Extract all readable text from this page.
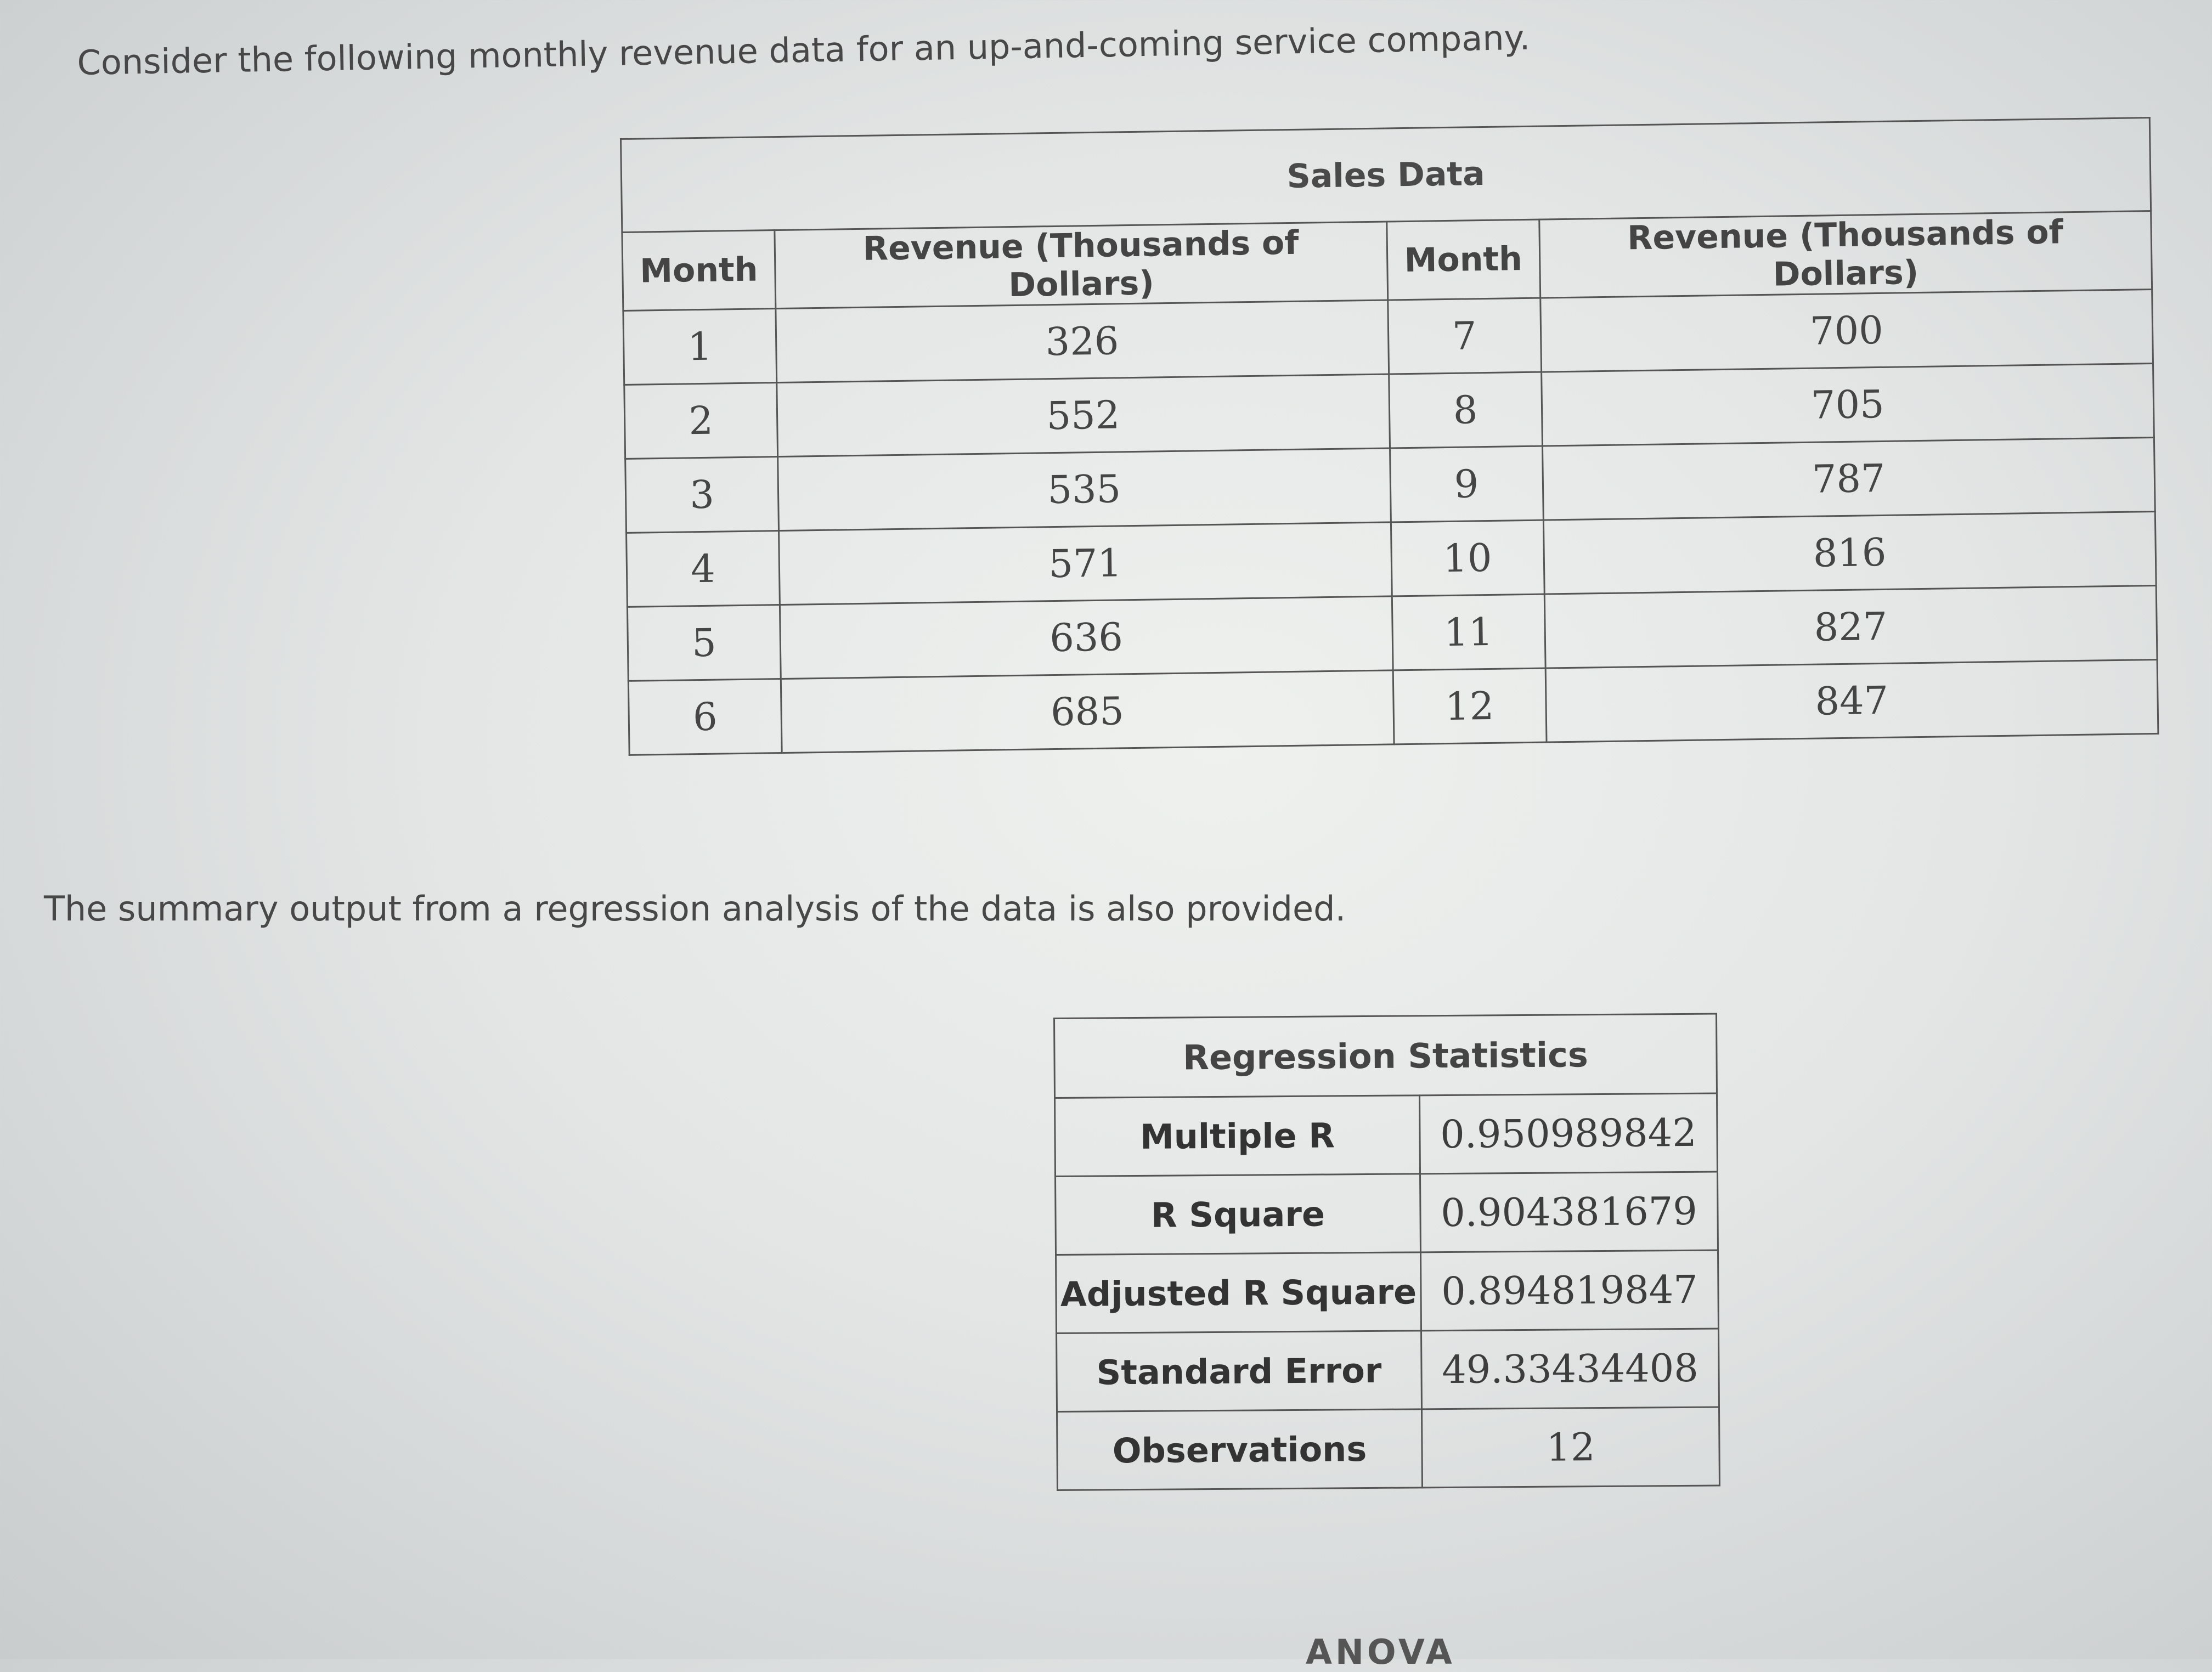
Consider the following monthly revenue data for an up-and-coming service company.
Sales Data			
Month	Revenue (Thousands of Dollars)	Month	Revenue (Thousands of Dollars)
1	326	7	700
2	552	8	705
3	535	9	787
4	571	10	816
5	636	11	827
6	685	12	847
The summary output from a regression analysis of the data is also provided.
Regression Statistics	
Multiple R	0.950989842
R Square	0.904381679
Adjusted R Square	0.894819847
Standard Error	49.33434408
Observations	12
ANOVA
